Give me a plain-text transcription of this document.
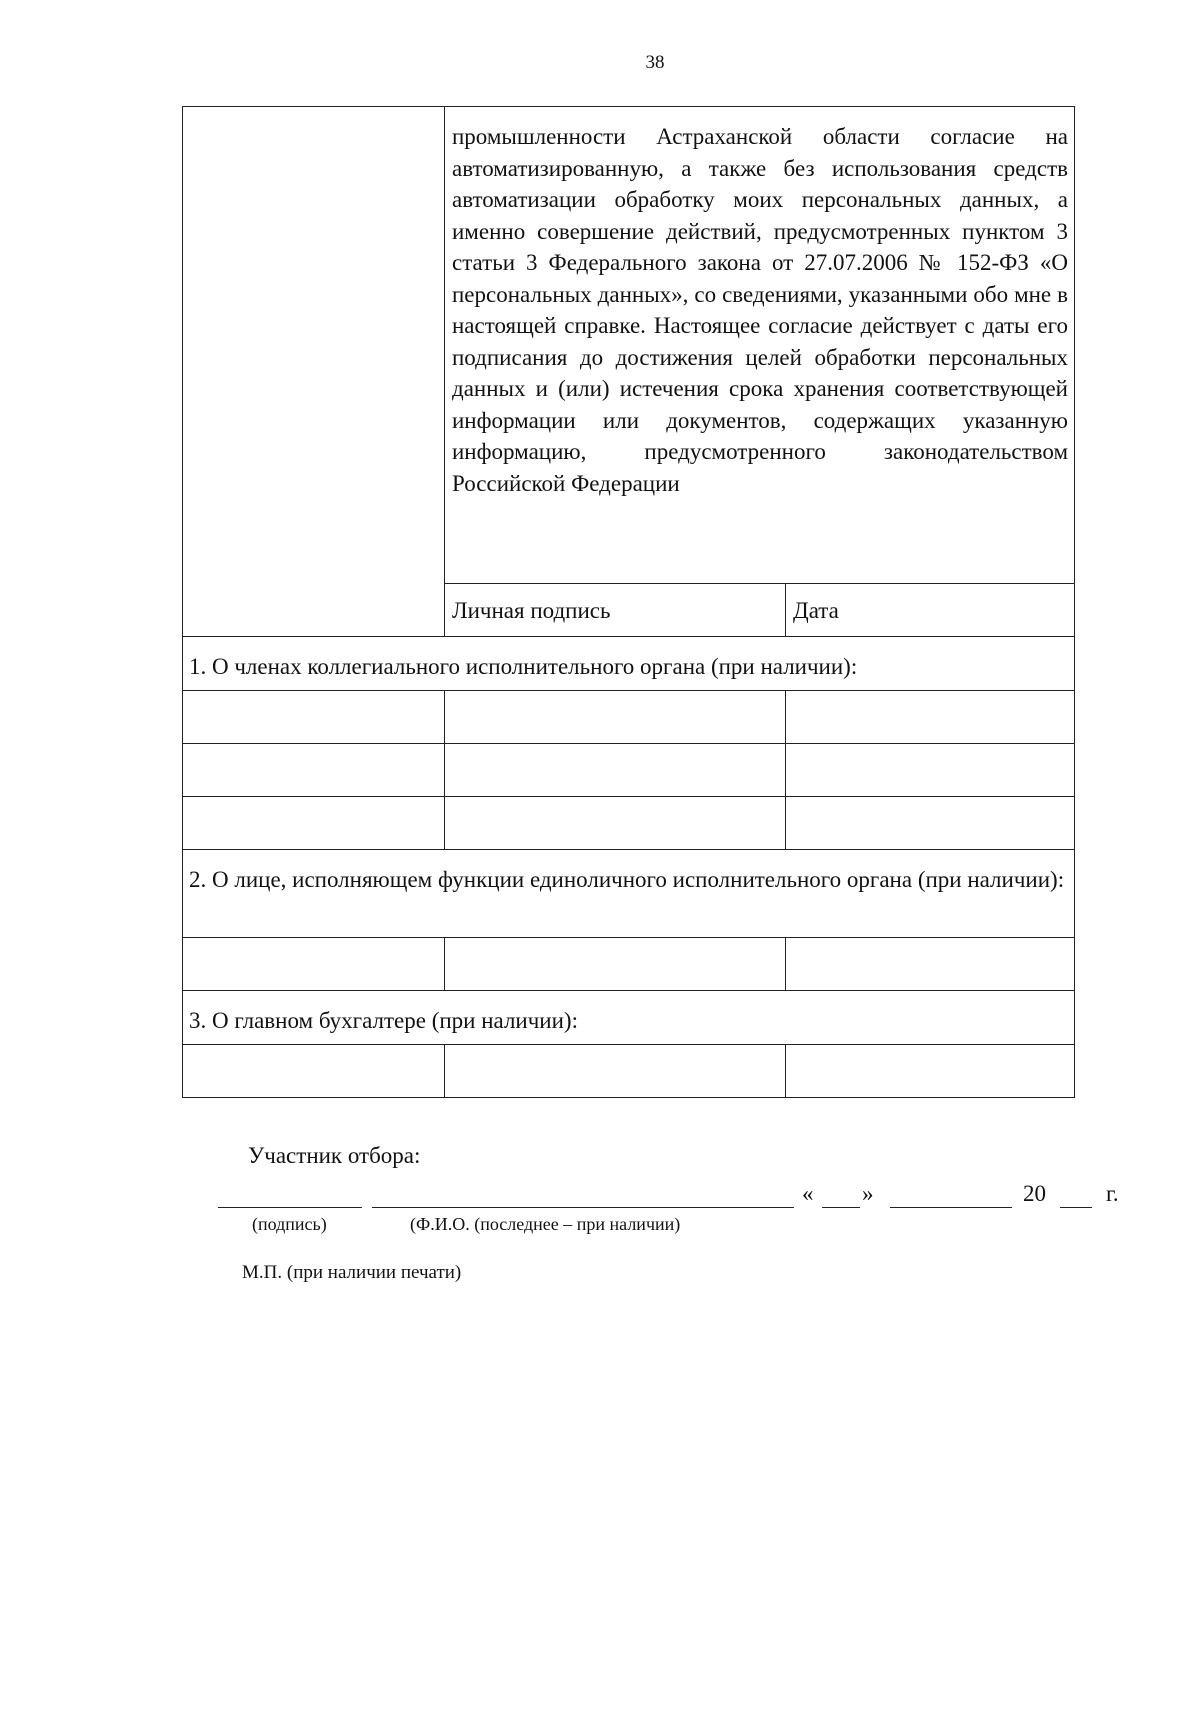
38
	промышленности Астраханской области согласие на автоматизированную, а также без использования средств автоматизации обработку моих персональных данных, а именно совершение действий, предусмотренных пунктом 3 статьи 3 Федерального закона от 27.07.2006 № 152-ФЗ «О персональных данных», со сведениями, указанными обо мне в настоящей справке. Настоящее согласие действует с даты его подписания до достижения целей обработки персональных данных и (или) истечения срока хранения соответствующей информации или документов, содержащих указанную информацию, предусмотренного законодательством Российской Федерации	
	Личная подпись	Дата
1. О членах коллегиального исполнительного органа (при наличии):		

2. О лице, исполняющем функции единоличного исполнительного органа (при наличии):		

3. О главном бухгалтере (при наличии):		

Участник отбора:
« »	20	г.
(подпись)	(Ф.И.О. (последнее – при наличии)
М.П. (при наличии печати)
